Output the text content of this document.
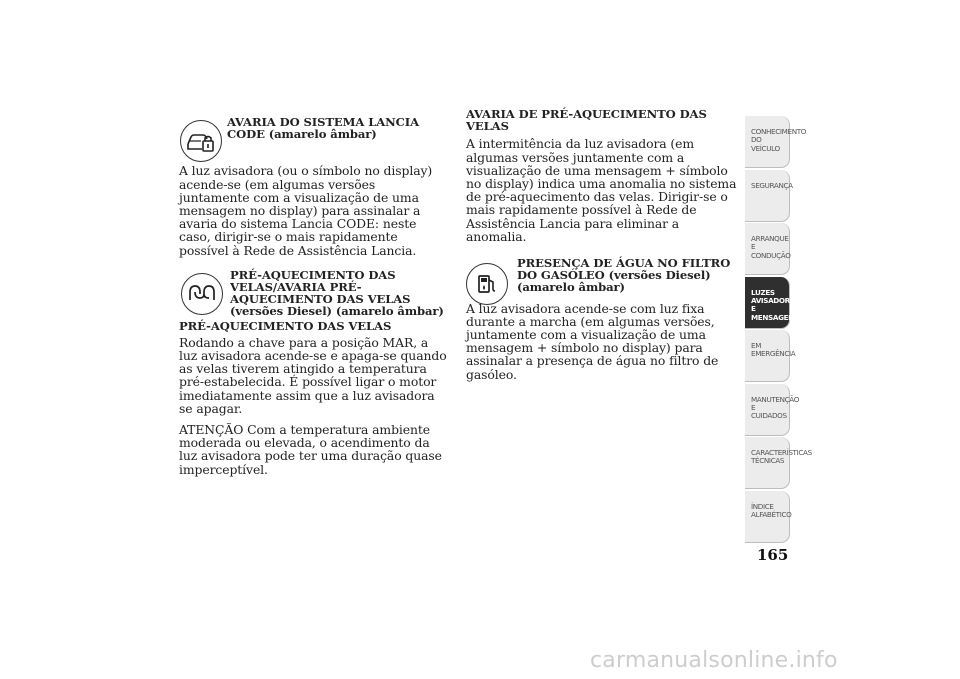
AVARIA DO SISTEMA LANCIA CODE (amarelo âmbar)

A luz avisadora (ou o símbolo no display) acende-se (em algumas versões juntamente com a visualização de uma mensagem no display) para assinalar a avaria do sistema Lancia CODE: neste caso, dirigir-se o mais rapidamente possível à Rede de Assistência Lancia.

PRÉ-AQUECIMENTO DAS VELAS/AVARIA PRÉ-AQUECIMENTO DAS VELAS (versões Diesel) (amarelo âmbar)
PRÉ-AQUECIMENTO DAS VELAS

Rodando a chave para a posição MAR, a luz avisadora acende-se e apaga-se quando as velas tiverem atingido a temperatura pré-estabelecida. É possível ligar o motor imediatamente assim que a luz avisadora se apagar.

ATENÇÃO Com a temperatura ambiente moderada ou elevada, o acendimento da luz avisadora pode ter uma duração quase imperceptível.

AVARIA DE PRÉ-AQUECIMENTO DAS VELAS

A intermitência da luz avisadora (em algumas versões juntamente com a visualização de uma mensagem + símbolo no display) indica uma anomalia no sistema de pré-aquecimento das velas. Dirigir-se o mais rapidamente possível à Rede de Assistência Lancia para eliminar a anomalia.

PRESENÇA DE ÁGUA NO FILTRO DO GASÓLEO (versões Diesel) (amarelo âmbar)

A luz avisadora acende-se com luz fixa durante a marcha (em algumas versões, juntamente com a visualização de uma mensagem + símbolo no display) para assinalar a presença de água no filtro de gasóleo.

CONHECIMENTO
DO VEÍCULO
SEGURANÇA
ARRANQUE E
CONDUÇÃO
LUZES
AVISADORAS E
MENSAGENS
EM EMERGÊNCIA
MANUTENÇÃO E
CUIDADOS
CARACTERÍSTICAS
TÉCNICAS
ÍNDICE
ALFABÉTICO
165
carmanualsonline.info
